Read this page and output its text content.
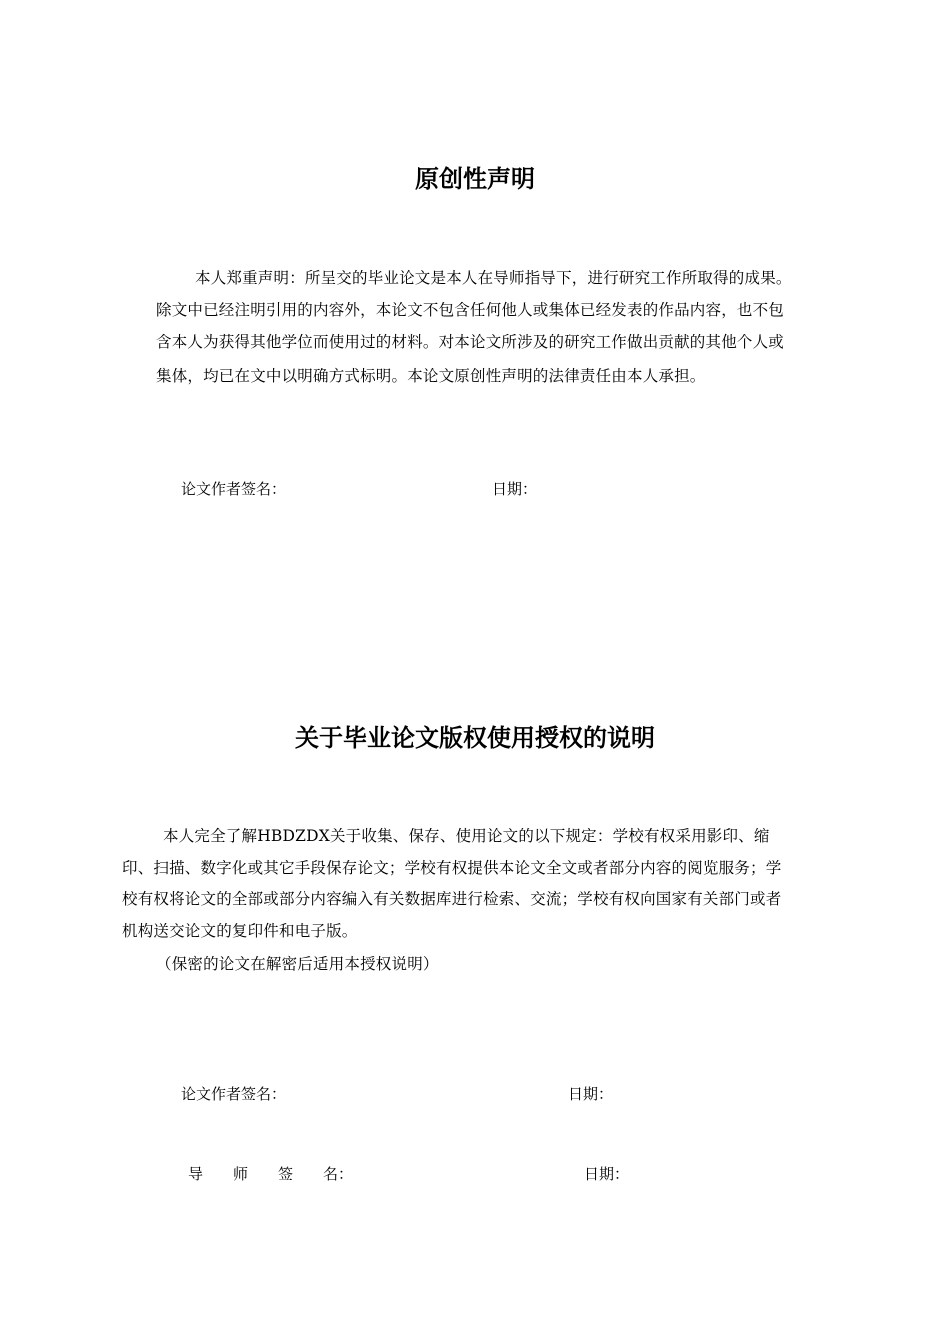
原创性声明
本人郑重声明：所呈交的毕业论文是本人在导师指导下，进行研究工作所取得的成果。
除文中已经注明引用的内容外，本论文不包含任何他人或集体已经发表的作品内容，也不包
含本人为获得其他学位而使用过的材料。对本论文所涉及的研究工作做出贡献的其他个人或
集体，均已在文中以明确方式标明。本论文原创性声明的法律责任由本人承担。
论文作者签名：	日期：
关于毕业论文版权使用授权的说明
本人完全了解HBDZDX关于收集、保存、使用论文的以下规定：学校有权采用影印、缩
印、扫描、数字化或其它手段保存论文；学校有权提供本论文全文或者部分内容的阅览服务；学
校有权将论文的全部或部分内容编入有关数据库进行检索、交流；学校有权向国家有关部门或者
机构送交论文的复印件和电子版。
（保密的论文在解密后适用本授权说明）
论文作者签名：	日期：
导　　师　　签　　名：	日期：
